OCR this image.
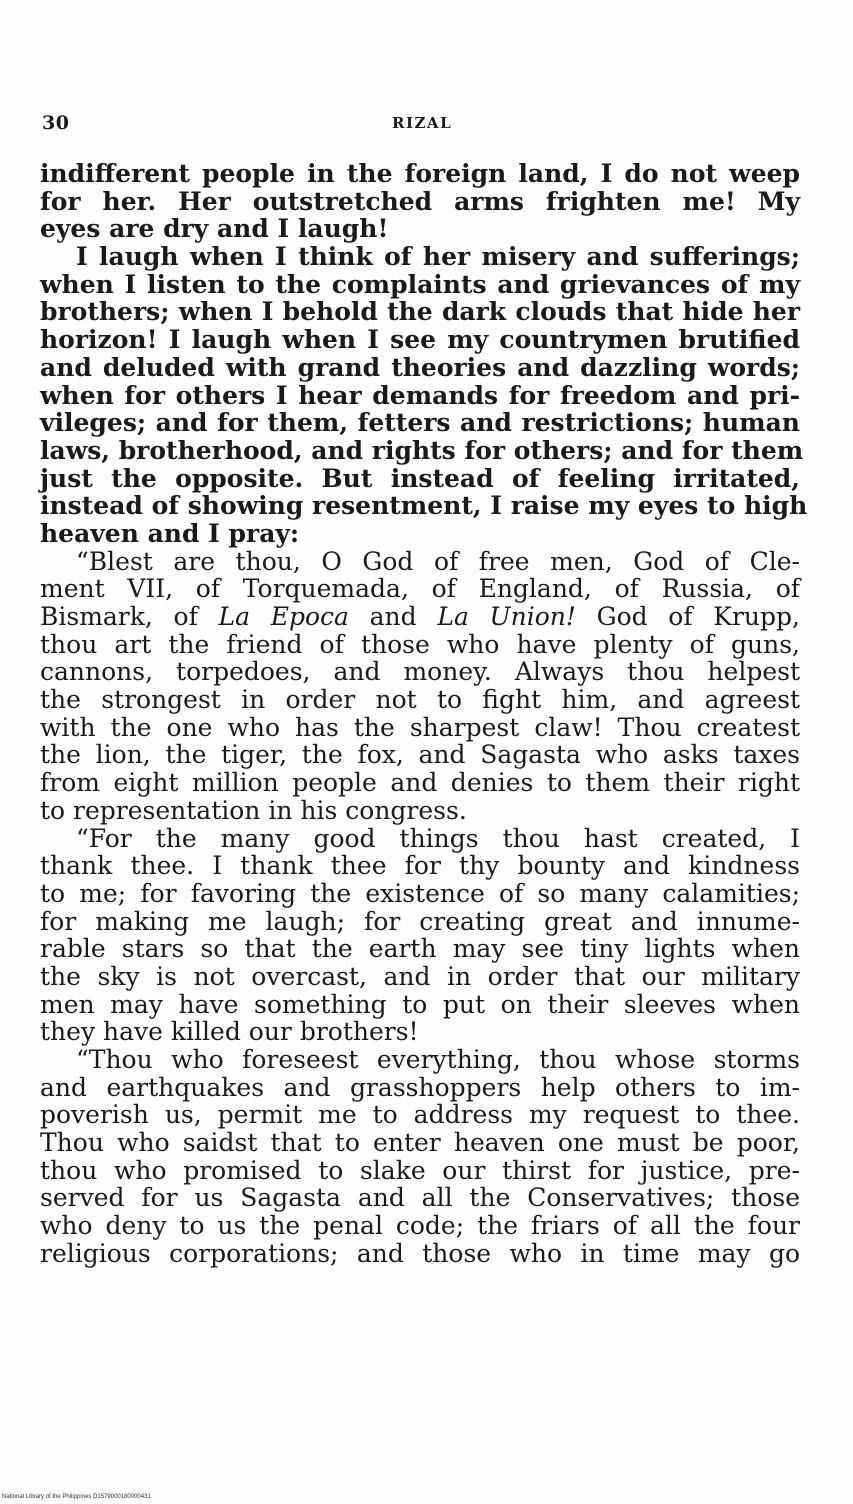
30	RIZAL
indifferent people in the foreign land, I do not weep
for her. Her outstretched arms frighten me! My
eyes are dry and I laugh!
I laugh when I think of her misery and sufferings;
when I listen to the complaints and grievances of my
brothers; when I behold the dark clouds that hide her
horizon! I laugh when I see my countrymen brutified
and deluded with grand theories and dazzling words;
when for others I hear demands for freedom and pri-
vileges; and for them, fetters and restrictions; human
laws, brotherhood, and rights for others; and for them
just the opposite. But instead of feeling irritated,
instead of showing resentment, I raise my eyes to high
heaven and I pray:
“Blest are thou, O God of free men, God of Cle-
ment VII, of Torquemada, of England, of Russia, of
Bismark, of La Epoca and La Union! God of Krupp,
thou art the friend of those who have plenty of guns,
cannons, torpedoes, and money. Always thou helpest
the strongest in order not to fight him, and agreest
with the one who has the sharpest claw! Thou createst
the lion, the tiger, the fox, and Sagasta who asks taxes
from eight million people and denies to them their right
to representation in his congress.
“For the many good things thou hast created, I
thank thee. I thank thee for thy bounty and kindness
to me; for favoring the existence of so many calamities;
for making me laugh; for creating great and innume-
rable stars so that the earth may see tiny lights when
the sky is not overcast, and in order that our military
men may have something to put on their sleeves when
they have killed our brothers!
“Thou who foreseest everything, thou whose storms
and earthquakes and grasshoppers help others to im-
poverish us, permit me to address my request to thee.
Thou who saidst that to enter heaven one must be poor,
thou who promised to slake our thirst for justice, pre-
served for us Sagasta and all the Conservatives; those
who deny to us the penal code; the friars of all the four
religious corporations; and those who in time may go
National Library of the Philippines D1579000180000431
